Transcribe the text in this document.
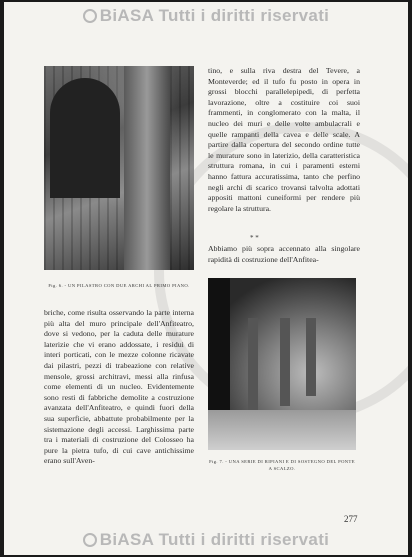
BiASA Tutti i diritti riservati
Fig. 6. - UN PILASTRO CON DUE ARCHI AL PRIMO PIANO.
tino, e sulla riva destra del Tevere, a Monteverde; ed il tufo fu posto in opera in grossi blocchi parallelepipedi, di perfetta lavorazione, oltre a costituire coi suoi frammenti, in conglomerato con la malta, il nucleo dei muri e delle volte ambulacrali e quelle rampanti della cavea e delle scale. A partire dalla copertura del secondo ordine tutte le murature sono in laterizio, della caratteristica struttura romana, in cui i paramenti esterni hanno fattura accuratissima, tanto che perfino negli archi di scarico trovansi talvolta adottati appositi mattoni cuneiformi per rendere più regolare la struttura.
* *
Abbiamo più sopra accennato alla singolare rapidità di costruzione dell'Anfitea-
Fig. 7. - UNA SERIE DI RIPIANI E DI SOSTEGNO DEL PONTE A SCALZO.
briche, come risulta osservando la parte interna più alta del muro principale dell'Anfiteatro, dove si vedono, per la caduta delle murature laterizie che vi erano addossate, i residui di interi porticati, con le mezze colonne ricavate dai pilastri, pezzi di trabeazione con relative mensole, grossi architravi, messi alla rinfusa come elementi di un nucleo. Evidentemente sono resti di fabbriche demolite a costruzione avanzata dell'Anfiteatro, e quindi fuori della sua superficie, abbattute probabilmente per la sistemazione degli accessi. Larghissima parte tra i materiali di costruzione del Colosseo ha pure la pietra tufo, di cui cave antichissime erano sull'Aven-
277
BiASA Tutti i diritti riservati
